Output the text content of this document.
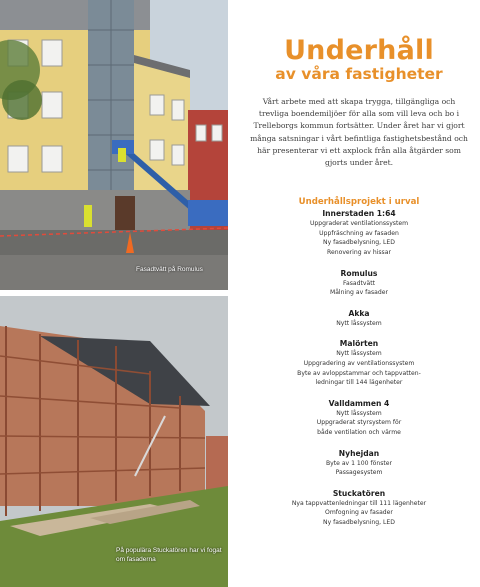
Fasadtvätt på Romulus
På populära Stuckatören har vi fogat om fasaderna
Underhåll
av våra fastigheter

Vårt arbete med att skapa trygga, tillgängliga och trevliga boendemiljöer för alla som vill leva och bo i Trelleborgs kommun fortsätter. Under året har vi gjort många satsningar i vårt befintliga fastighetsbestånd och här presenterar vi ett axplock från alla åtgärder som gjorts under året.

Underhållsprojekt i urval
Innerstaden 1:64
Uppgraderat ventilationssystem
Uppfräschning av fasaden
Ny fasadbelysning, LED
Renovering av hissar
Romulus
Fasadtvätt
Målning av fasader
Akka
Nytt låssystem
Malörten
Nytt låssystem
Uppgradering av ventilationssystem
Byte av avloppstammar och tappvatten-
ledningar till 144 lägenheter
Valldammen 4
Nytt låssystem
Uppgraderat styrsystem för
både ventilation och värme
Nyhejdan
Byte av 1 100 fönster
Passagesystem
Stuckatören
Nya tappvattenledningar till 111 lägenheter
Omfogning av fasader
Ny fasadbelysning, LED
